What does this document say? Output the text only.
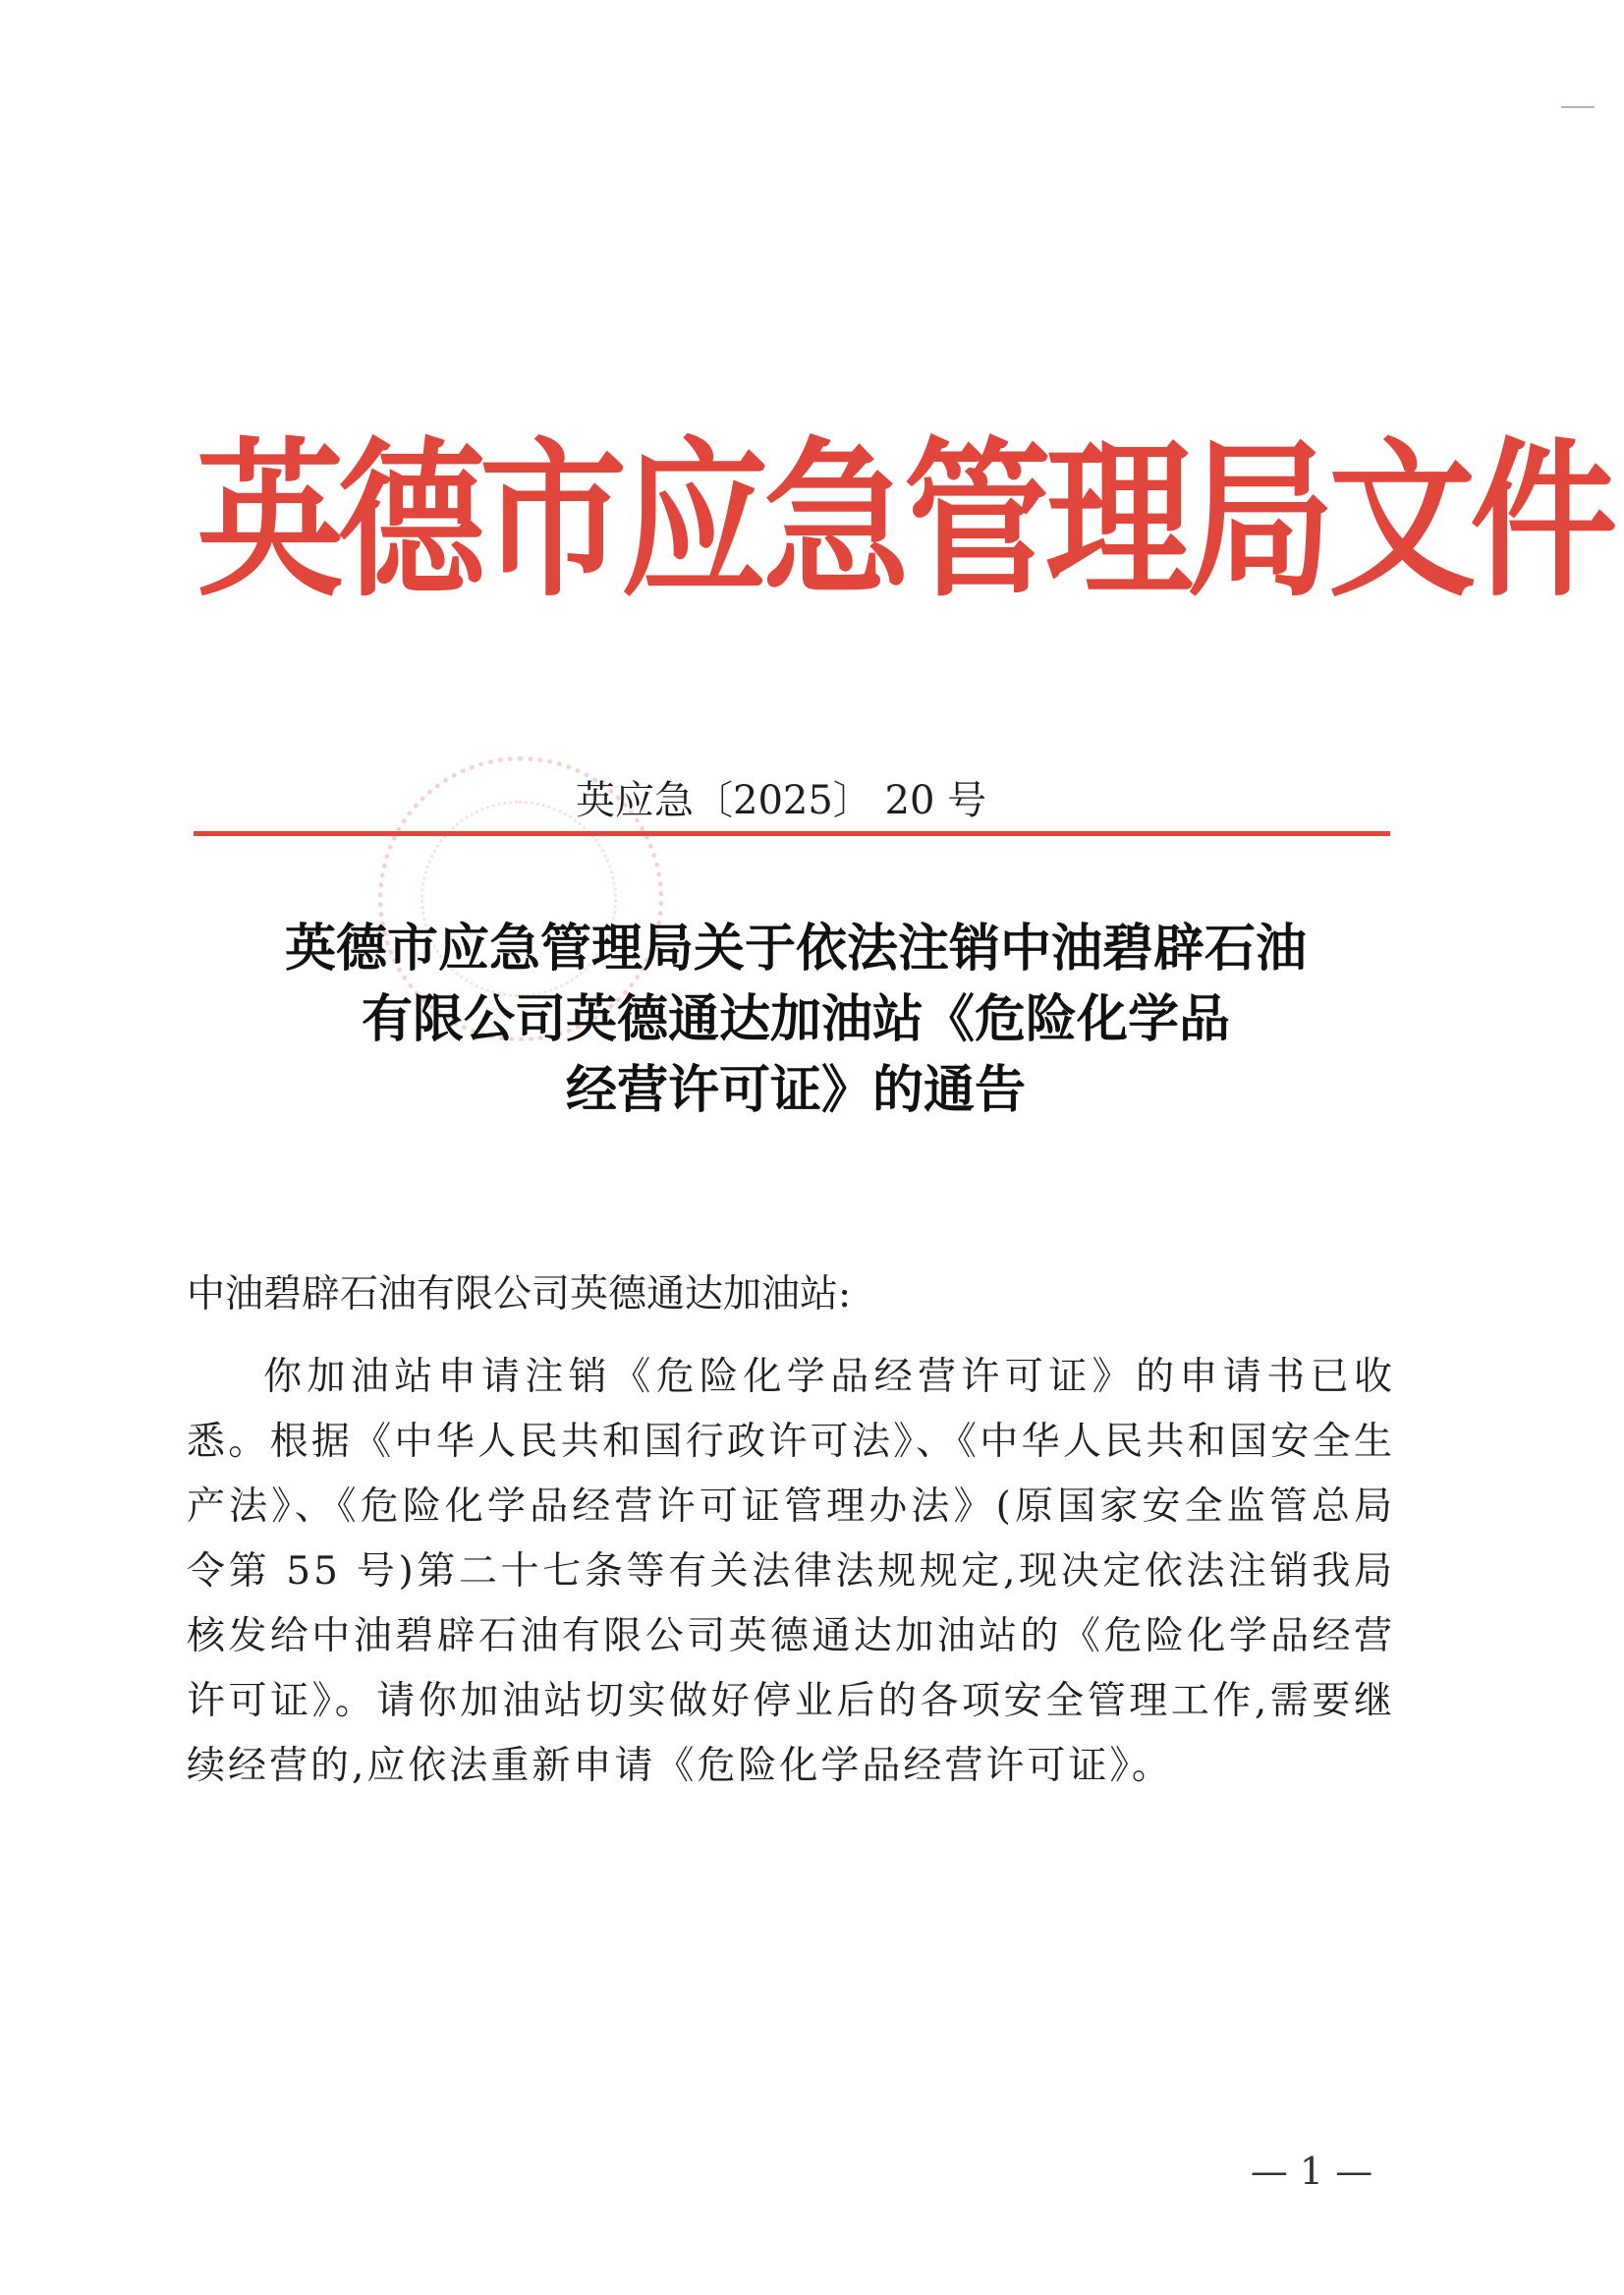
英 德 市 应 急 管 理 局 文 件
英应急〔2025〕 20 号
英德市应急管理局关于依法注销中油碧辟石油
有限公司英德通达加油站《危险化学品
经营许可证》的通告
中油碧辟石油有限公司英德通达加油站:
你加油站申请注销《危险化学品经营许可证》的申请书已收悉。根据《中华人民共和国行政许可法》、《中华人民共和国安全生产法》、《危险化学品经营许可证管理办法》(原国家安全监管总局令第 55 号)第二十七条等有关法律法规规定,现决定依法注销我局核发给中油碧辟石油有限公司英德通达加油站的《危险化学品经营许可证》。请你加油站切实做好停业后的各项安全管理工作,需要继续经营的,应依法重新申请《危险化学品经营许可证》。
— 1 —
